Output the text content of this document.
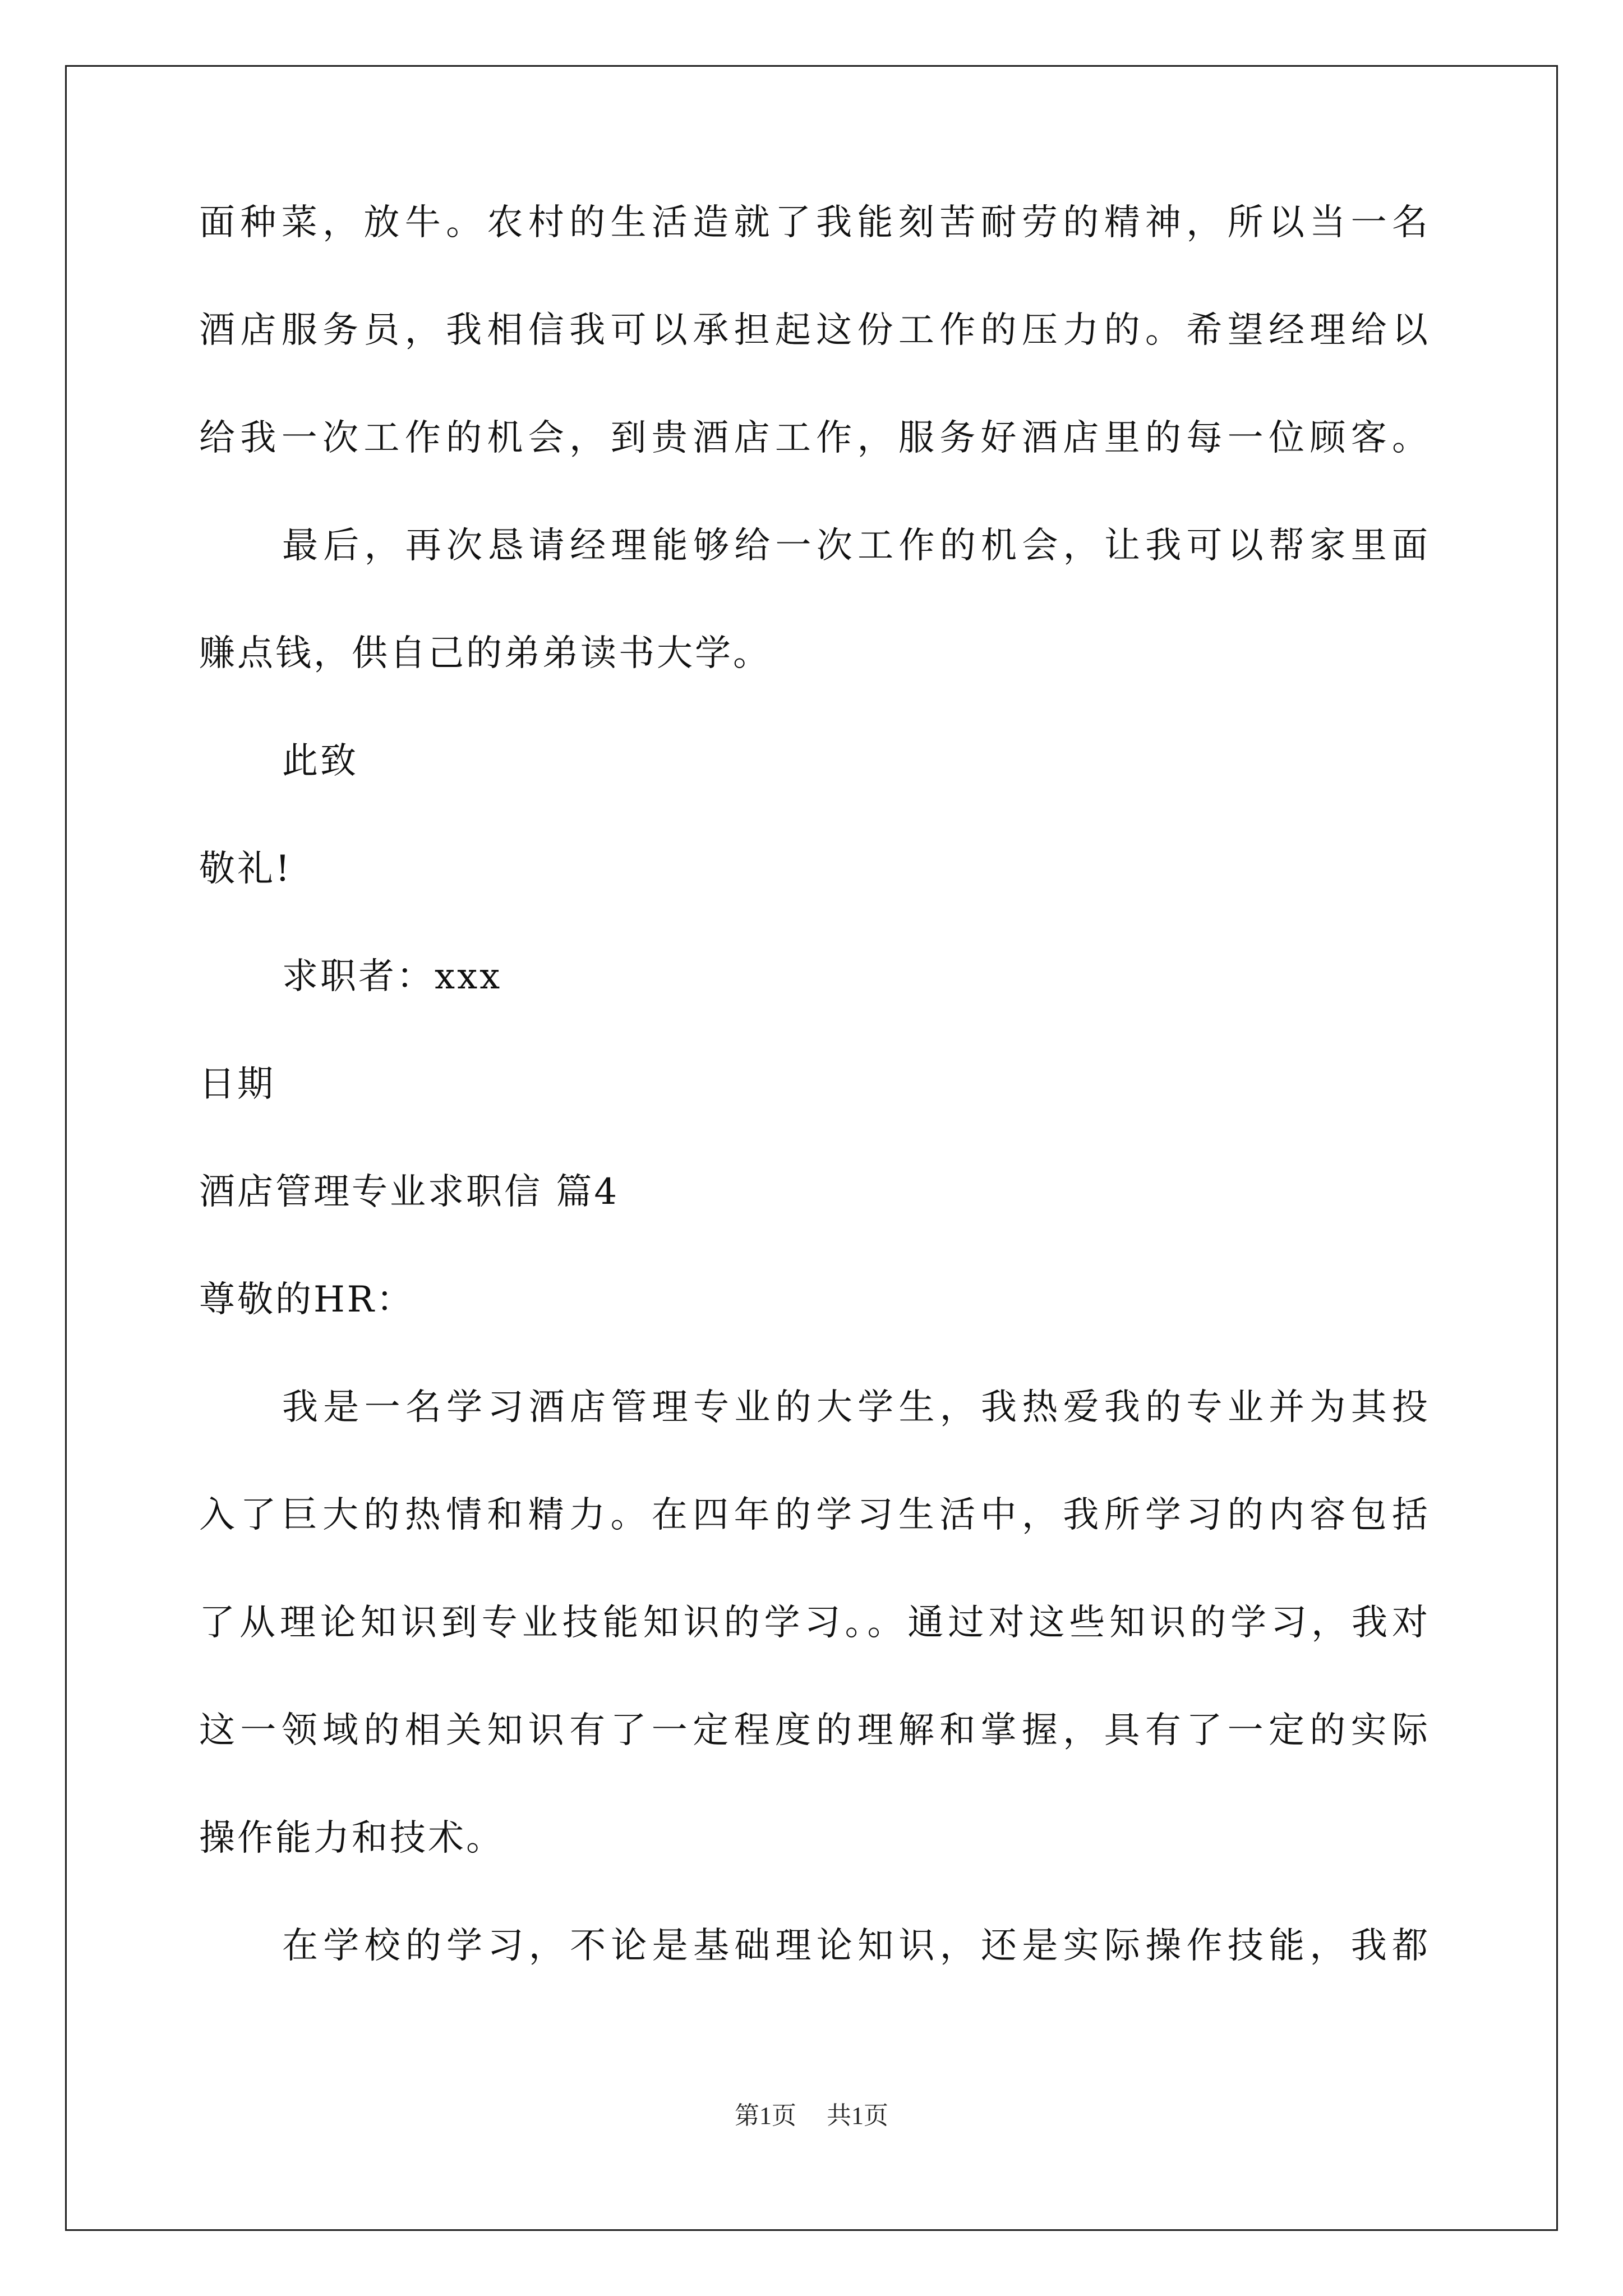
面种菜，放牛。农村的生活造就了我能刻苦耐劳的精神，所以当一名
酒店服务员，我相信我可以承担起这份工作的压力的。希望经理给以
给我一次工作的机会，到贵酒店工作，服务好酒店里的每一位顾客。
最后，再次恳请经理能够给一次工作的机会，让我可以帮家里面
赚点钱，供自己的弟弟读书大学。
此致
敬礼!
求职者：xxx
日期
酒店管理专业求职信 篇4
尊敬的HR：
我是一名学习酒店管理专业的大学生，我热爱我的专业并为其投
入了巨大的热情和精力。在四年的学习生活中，我所学习的内容包括
了从理论知识到专业技能知识的学习。。通过对这些知识的学习，我对
这一领域的相关知识有了一定程度的理解和掌握，具有了一定的实际
操作能力和技术。
在学校的学习，不论是基础理论知识，还是实际操作技能，我都
第1页 共1页
